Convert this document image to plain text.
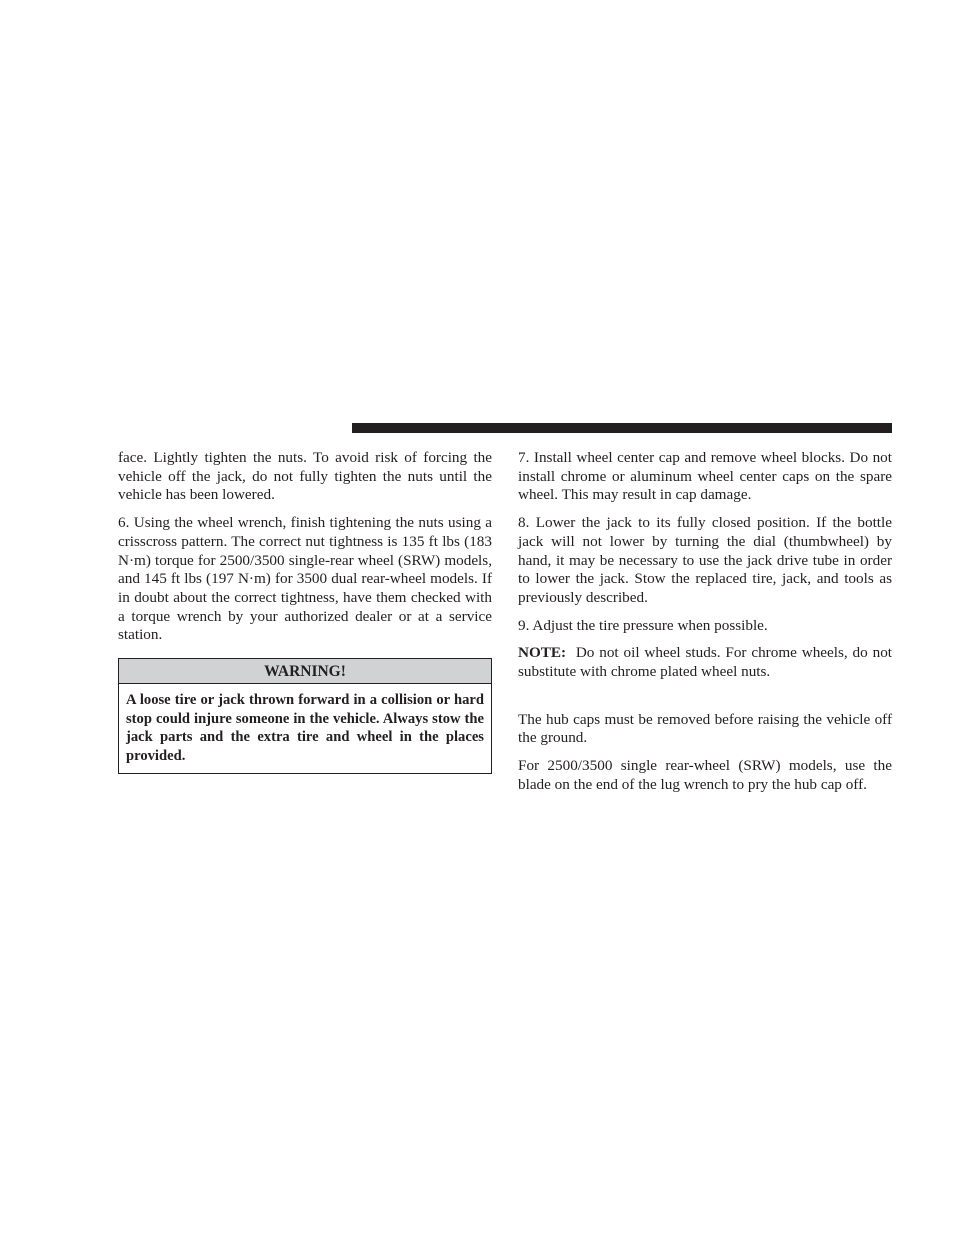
face. Lightly tighten the nuts. To avoid risk of forcing the vehicle off the jack, do not fully tighten the nuts until the vehicle has been lowered.

6. Using the wheel wrench, finish tightening the nuts using a crisscross pattern. The correct nut tightness is 135 ft lbs (183 N·m) torque for 2500/3500 single-rear wheel (SRW) models, and 145 ft lbs (197 N·m) for 3500 dual rear-wheel models. If in doubt about the correct tightness, have them checked with a torque wrench by your authorized dealer or at a service station.

WARNING!
A loose tire or jack thrown forward in a collision or hard stop could injure someone in the vehicle. Always stow the jack parts and the extra tire and wheel in the places provided.

7. Install wheel center cap and remove wheel blocks. Do not install chrome or aluminum wheel center caps on the spare wheel. This may result in cap damage.

8. Lower the jack to its fully closed position. If the bottle jack will not lower by turning the dial (thumbwheel) by hand, it may be necessary to use the jack drive tube in order to lower the jack. Stow the replaced tire, jack, and tools as previously described.

9. Adjust the tire pressure when possible.

NOTE: Do not oil wheel studs. For chrome wheels, do not substitute with chrome plated wheel nuts.

The hub caps must be removed before raising the vehicle off the ground.

For 2500/3500 single rear-wheel (SRW) models, use the blade on the end of the lug wrench to pry the hub cap off.
